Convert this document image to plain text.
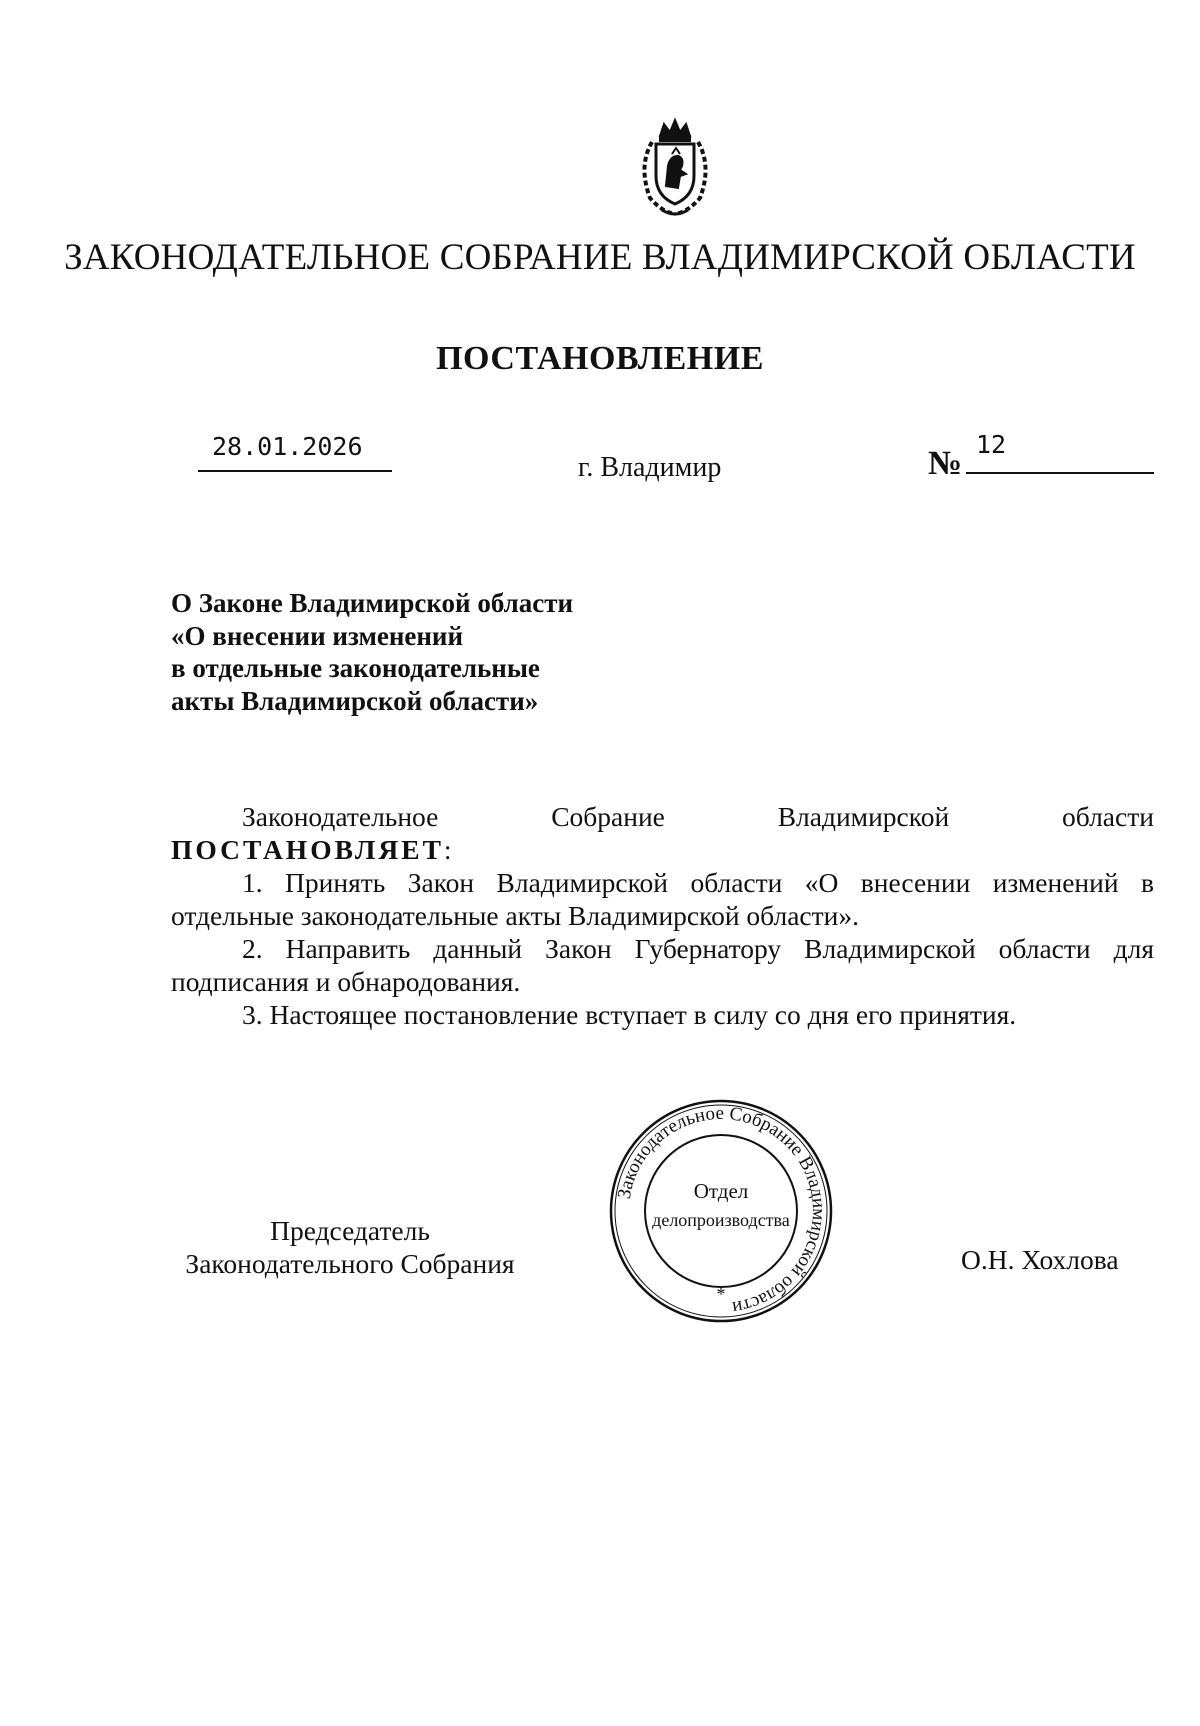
ЗАКОНОДАТЕЛЬНОЕ СОБРАНИЕ ВЛАДИМИРСКОЙ ОБЛАСТИ
ПОСТАНОВЛЕНИЕ
28.01.2026
г. Владимир	№
12
О Законе Владимирской области
«О внесении изменений
в отдельные законодательные
акты Владимирской области»
Законодательное	Собрание	Владимирской	области
ПОСТАНОВЛЯЕТ:
1. Принять Закон Владимирской области «О внесении изменений в отдельные законодательные акты Владимирской области».
2. Направить данный Закон Губернатору Владимирской области для подписания и обнародования.
3. Настоящее постановление вступает в силу со дня его принятия.
Председатель
Законодательного Собрания	О.Н. Хохлова
Законодательное Собрание Владимирской области
Отдел
делопроизводства
*
